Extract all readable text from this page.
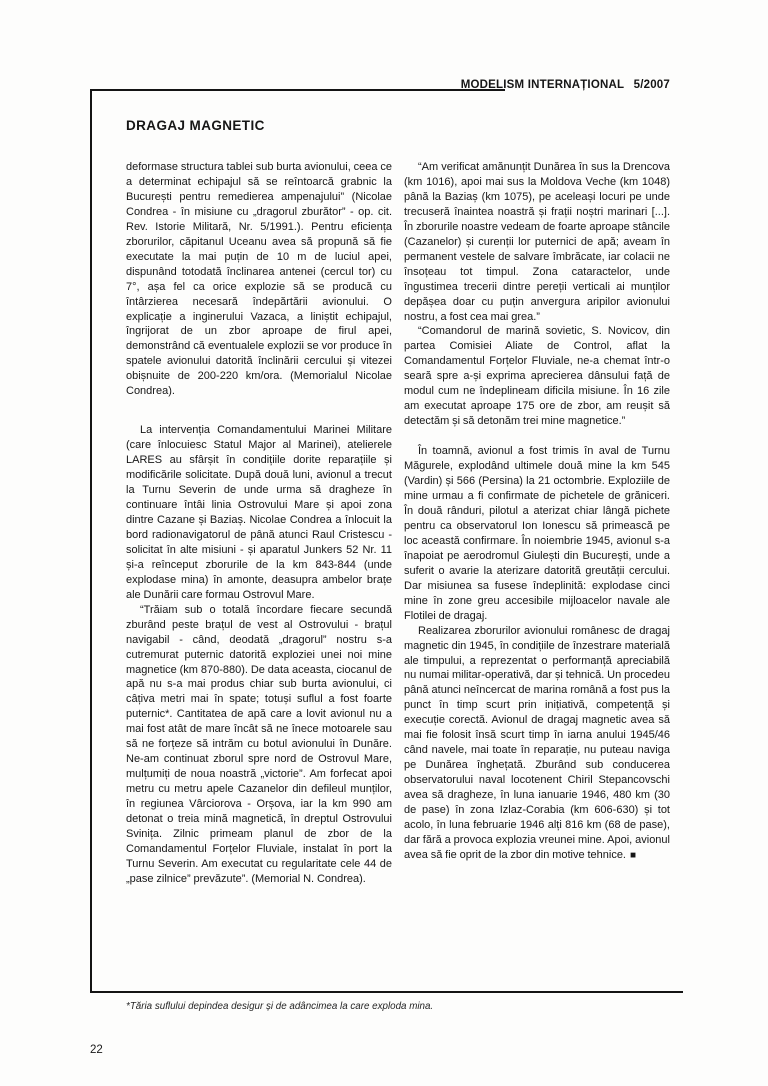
MODELISM INTERNAȚIONAL 5/2007
DRAGAJ MAGNETIC

deformase structura tablei sub burta avionului, ceea ce a determinat echipajul să se reîntoarcă grabnic la București pentru remedierea ampenajului” (Nicolae Condrea - în misiune cu „dragorul zburător” - op. cit. Rev. Istorie Militară, Nr. 5/1991.). Pentru eficiența zborurilor, căpitanul Uceanu avea să propună să fie executate la mai puțin de 10 m de luciul apei, dispunând totodată înclinarea antenei (cercul tor) cu 7°, așa fel ca orice explozie să se producă cu întârzierea necesară îndepărtării avionului. O explicație a inginerului Vazaca, a liniștit echipajul, îngrijorat de un zbor aproape de firul apei, demonstrând că eventualele explozii se vor produce în spatele avionului datorită înclinării cercului și vitezei obișnuite de 200-220 km/ora. (Memorialul Nicolae Condrea).

La intervenția Comandamentului Marinei Militare (care înlocuiesc Statul Major al Marinei), atelierele LARES au sfârșit în condițiile dorite reparațiile și modificările solicitate. După două luni, avionul a trecut la Turnu Severin de unde urma să dragheze în continuare întâi linia Ostrovului Mare și apoi zona dintre Cazane și Baziaș. Nicolae Condrea a înlocuit la bord radionavigatorul de până atunci Raul Cristescu - solicitat în alte misiuni - și aparatul Junkers 52 Nr. 11 și-a reînceput zborurile de la km 843-844 (unde explodase mina) în amonte, deasupra ambelor brațe ale Dunării care formau Ostrovul Mare.

“Trăiam sub o totală încordare fiecare secundă zburând peste brațul de vest al Ostrovului - brațul navigabil - când, deodată „dragorul” nostru s-a cutremurat puternic datorită exploziei unei noi mine magnetice (km 870-880). De data aceasta, ciocanul de apă nu s-a mai produs chiar sub burta avionului, ci câțiva metri mai în spate; totuși suflul a fost foarte puternic*. Cantitatea de apă care a lovit avionul nu a mai fost atât de mare încât să ne înece motoarele sau să ne forțeze să intrăm cu botul avionului în Dunăre. Ne-am continuat zborul spre nord de Ostrovul Mare, mulțumiți de noua noastră „victorie”. Am forfecat apoi metru cu metru apele Cazanelor din defileul munților, în regiunea Vârciorova - Orșova, iar la km 990 am detonat o treia mină magnetică, în dreptul Ostrovului Svinița. Zilnic primeam planul de zbor de la Comandamentul Forțelor Fluviale, instalat în port la Turnu Severin. Am executat cu regularitate cele 44 de „pase zilnice” prevăzute”. (Memorial N. Condrea).

“Am verificat amănunțit Dunărea în sus la Drencova (km 1016), apoi mai sus la Moldova Veche (km 1048) până la Baziaș (km 1075), pe aceleași locuri pe unde trecuseră înaintea noastră și frații noștri marinari [...]. În zborurile noastre vedeam de foarte aproape stâncile (Cazanelor) și curenții lor puternici de apă; aveam în permanent vestele de salvare îmbrăcate, iar colacii ne însoțeau tot timpul. Zona cataractelor, unde îngustimea trecerii dintre pereții verticali ai munților depășea doar cu puțin anvergura aripilor avionului nostru, a fost cea mai grea.”

“Comandorul de marină sovietic, S. Novicov, din partea Comisiei Aliate de Control, aflat la Comandamentul Forțelor Fluviale, ne-a chemat într-o seară spre a-și exprima aprecierea dânsului față de modul cum ne îndeplineam dificila misiune. În 16 zile am executat aproape 175 ore de zbor, am reușit să detectăm și să detonăm trei mine magnetice.”

În toamnă, avionul a fost trimis în aval de Turnu Măgurele, explodând ultimele două mine la km 545 (Vardin) și 566 (Persina) la 21 octombrie. Exploziile de mine urmau a fi confirmate de pichetele de grăniceri. În două rânduri, pilotul a aterizat chiar lângă pichete pentru ca observatorul Ion Ionescu să primească pe loc această confirmare. În noiembrie 1945, avionul s-a înapoiat pe aerodromul Giulești din București, unde a suferit o avarie la aterizare datorită greutății cercului. Dar misiunea sa fusese îndeplinită: explodase cinci mine în zone greu accesibile mijloacelor navale ale Flotilei de dragaj.

Realizarea zborurilor avionului românesc de dragaj magnetic din 1945, în condițiile de înzestrare materială ale timpului, a reprezentat o performanță apreciabilă nu numai militar-operativă, dar și tehnică. Un procedeu până atunci neîncercat de marina română a fost pus la punct în timp scurt prin inițiativă, competență și execuție corectă. Avionul de dragaj magnetic avea să mai fie folosit însă scurt timp în iarna anului 1945/46 când navele, mai toate în reparație, nu puteau naviga pe Dunărea înghețată. Zburând sub conducerea observatorului naval locotenent Chiril Stepancovschi avea să dragheze, în luna ianuarie 1946, 480 km (30 de pase) în zona Izlaz-Corabia (km 606-630) și tot acolo, în luna februarie 1946 alți 816 km (68 de pase), dar fără a provoca explozia vreunei mine. Apoi, avionul avea să fie oprit de la zbor din motive tehnice. ■

*Tăria suflului depindea desigur și de adâncimea la care exploda mina.
22
